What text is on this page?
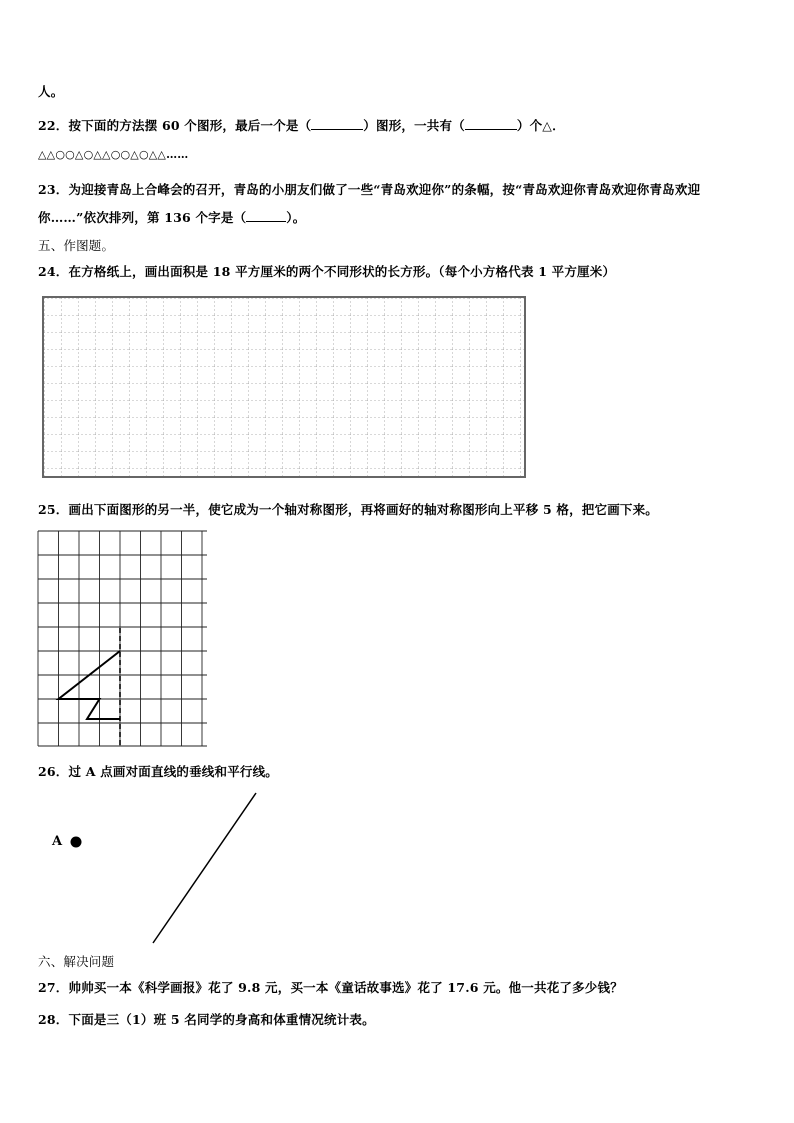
人。
22．按下面的方法摆 60 个图形，最后一个是（	）图形，一共有（	）个△．
△△○○△○△△○○△○△△……
23．为迎接青岛上合峰会的召开，青岛的小朋友们做了一些“青岛欢迎你”的条幅，按“青岛欢迎你青岛欢迎你青岛欢迎
你……”依次排列，第 136 个字是（	）。
五、作图题。
24．在方格纸上，画出面积是 18 平方厘米的两个不同形状的长方形。（每个小方格代表 1 平方厘米）
25．画出下面图形的另一半，使它成为一个轴对称图形，再将画好的轴对称图形向上平移 5 格，把它画下来。
26．过 A 点画对面直线的垂线和平行线。
A
六、解决问题
27．帅帅买一本《科学画报》花了 9.8 元，买一本《童话故事选》花了 17.6 元。他一共花了多少钱？
28．下面是三（1）班 5 名同学的身高和体重情况统计表。
